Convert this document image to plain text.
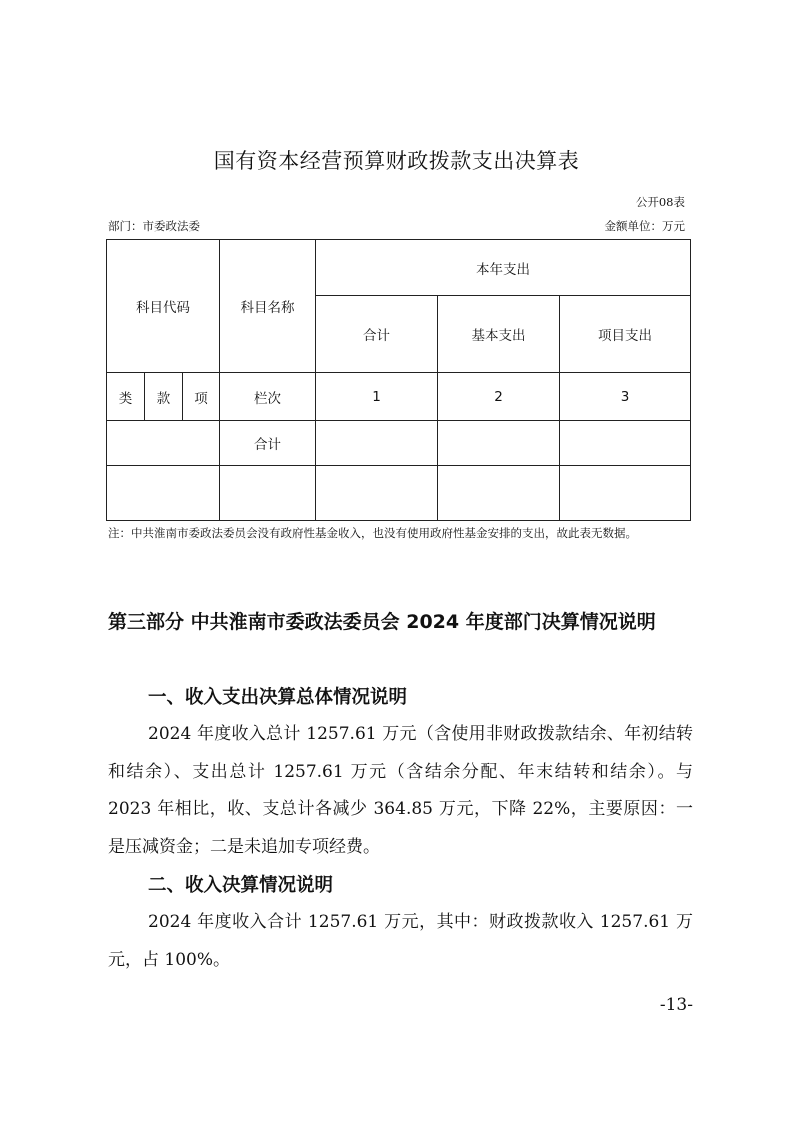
国有资本经营预算财政拨款支出决算表
公开08表
部门：市委政法委	金额单位：万元
科目代码			科目名称	本年支出		
				合计	基本支出	项目支出
类	款	项	栏次	1	2	3
			合计			

注：中共淮南市委政法委员会没有政府性基金收入，也没有使用政府性基金安排的支出，故此表无数据。
第三部分 中共淮南市委政法委员会 2024 年度部门决算情况说明
一、收入支出决算总体情况说明
2024 年度收入总计 1257.61 万元（含使用非财政拨款结余、年初结转和结余）、支出总计 1257.61 万元（含结余分配、年末结转和结余）。与 2023 年相比，收、支总计各减少 364.85 万元，下降 22%，主要原因：一是压减资金；二是未追加专项经费。
二、收入决算情况说明
2024 年度收入合计 1257.61 万元，其中：财政拨款收入 1257.61 万元，占 100%。
-13-
